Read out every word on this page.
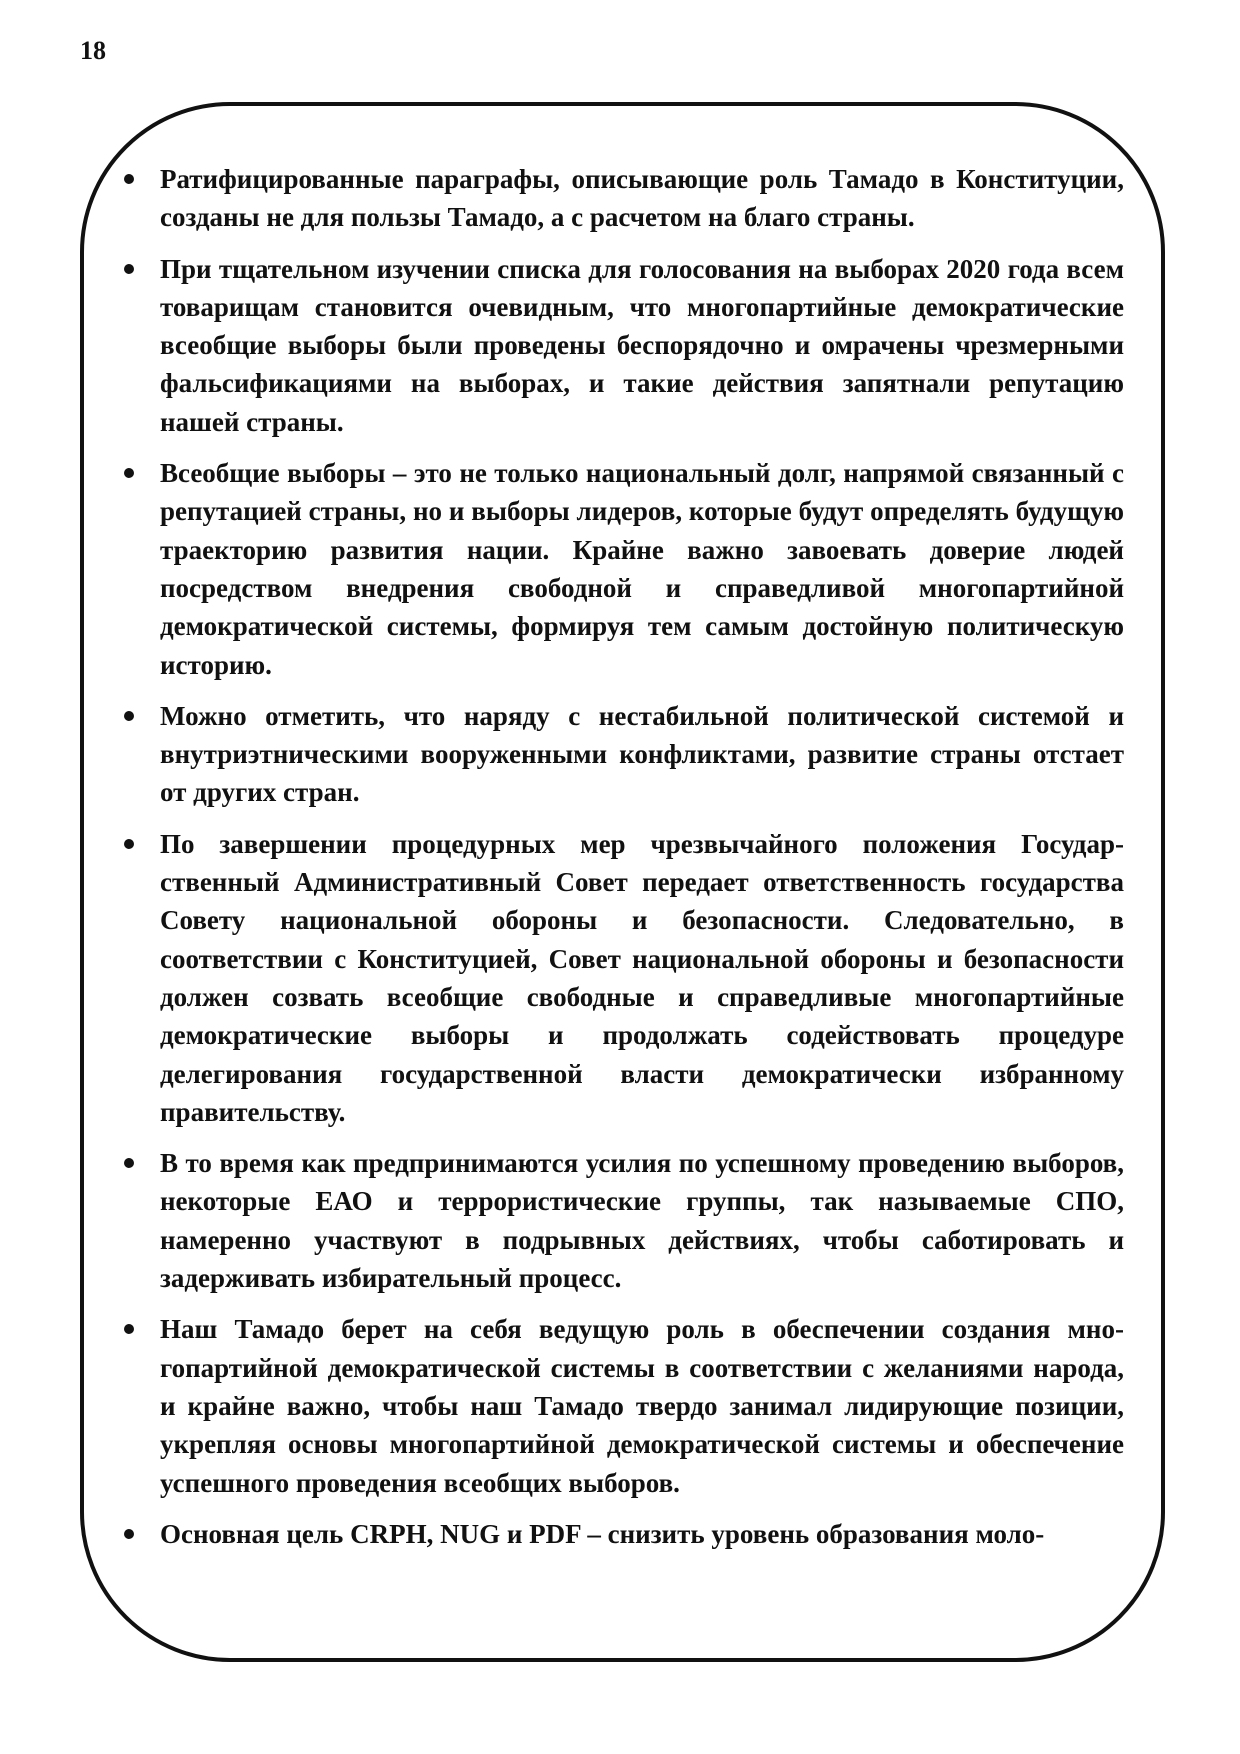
18
Ратифицированные параграфы, описывающие роль Тамадо в Конституции, созданы не для пользы Тамадо, а с расчетом на благо страны.
При тщательном изучении списка для голосования на выборах 2020 года всем товарищам становится очевидным, что многопартийные демократические всеобщие выборы были проведены беспорядочно и омрачены чрезмерными фальсификациями на выборах, и такие действия запятнали репутацию нашей страны.
Всеобщие выборы – это не только национальный долг, напрямой связанный с репутацией страны, но и выборы лидеров, которые будут определять будущую траекторию развития нации. Крайне важно завоевать доверие людей посредством внедрения свободной и справедливой многопартийной демократической системы, формируя тем самым достойную политическую историю.
Можно отметить, что наряду с нестабильной политической системой и внутриэтническими вооруженными конфликтами, развитие страны отстает от других стран.
По завершении процедурных мер чрезвычайного положения Государственный Административный Совет передает ответственность государства Совету национальной обороны и безопасности. Следовательно, в соответствии с Конституцией, Совет национальной обороны и безопасности должен созвать всеобщие свободные и справедливые многопартийные демократические выборы и продолжать содействовать процедуре делегирования государственной власти демократически избранному правительству.
В то время как предпринимаются усилия по успешному проведению выборов, некоторые ЕАО и террористические группы, так называемые СПО, намеренно участвуют в подрывных действиях, чтобы саботировать и задерживать избирательный процесс.
Наш Тамадо берет на себя ведущую роль в обеспечении создания многопартийной демократической системы в соответствии с желаниями народа, и крайне важно, чтобы наш Тамадо твердо занимал лидирующие позиции, укрепляя основы многопартийной демократической системы и обеспечение успешного проведения всеобщих выборов.
Основная цель CRPH, NUG и PDF – снизить уровень образования моло-
